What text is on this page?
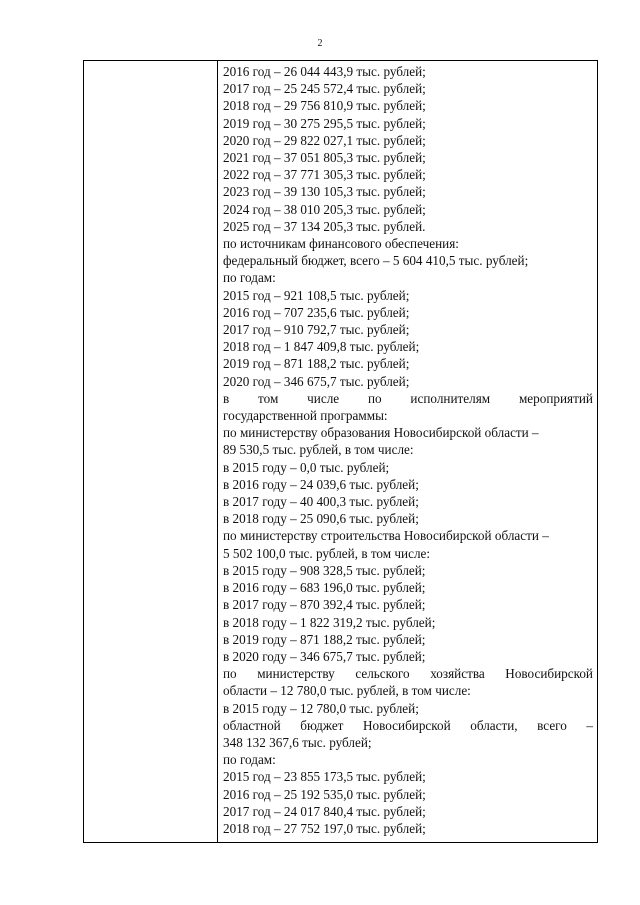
2

2016 год – 26 044 443,9 тыс. рублей;
2017 год – 25 245 572,4 тыс. рублей;
2018 год – 29 756 810,9 тыс. рублей;
2019 год – 30 275 295,5 тыс. рублей;
2020 год – 29 822 027,1 тыс. рублей;
2021 год – 37 051 805,3 тыс. рублей;
2022 год – 37 771 305,3 тыс. рублей;
2023 год – 39 130 105,3 тыс. рублей;
2024 год – 38 010 205,3 тыс. рублей;
2025 год – 37 134 205,3 тыс. рублей.
по источникам финансового обеспечения:
федеральный бюджет, всего – 5 604 410,5 тыс. рублей;
по годам:
2015 год – 921 108,5 тыс. рублей;
2016 год – 707 235,6 тыс. рублей;
2017 год – 910 792,7 тыс. рублей;
2018 год – 1 847 409,8 тыс. рублей;
2019 год – 871 188,2 тыс. рублей;
2020 год – 346 675,7 тыс. рублей;
в том числе по исполнителям мероприятий
государственной программы:
по министерству образования Новосибирской области –
89 530,5 тыс. рублей, в том числе:
в 2015 году – 0,0 тыс. рублей;
в 2016 году – 24 039,6 тыс. рублей;
в 2017 году – 40 400,3 тыс. рублей;
в 2018 году – 25 090,6 тыс. рублей;
по министерству строительства Новосибирской области –
5 502 100,0 тыс. рублей, в том числе:
в 2015 году – 908 328,5 тыс. рублей;
в 2016 году – 683 196,0 тыс. рублей;
в 2017 году – 870 392,4 тыс. рублей;
в 2018 году – 1 822 319,2 тыс. рублей;
в 2019 году – 871 188,2 тыс. рублей;
в 2020 году – 346 675,7 тыс. рублей;
по министерству сельского хозяйства Новосибирской
области – 12 780,0 тыс. рублей, в том числе:
в 2015 году – 12 780,0 тыс. рублей;
областной бюджет Новосибирской области, всего –
348 132 367,6 тыс. рублей;
по годам:
2015 год – 23 855 173,5 тыс. рублей;
2016 год – 25 192 535,0 тыс. рублей;
2017 год – 24 017 840,4 тыс. рублей;
2018 год – 27 752 197,0 тыс. рублей;
